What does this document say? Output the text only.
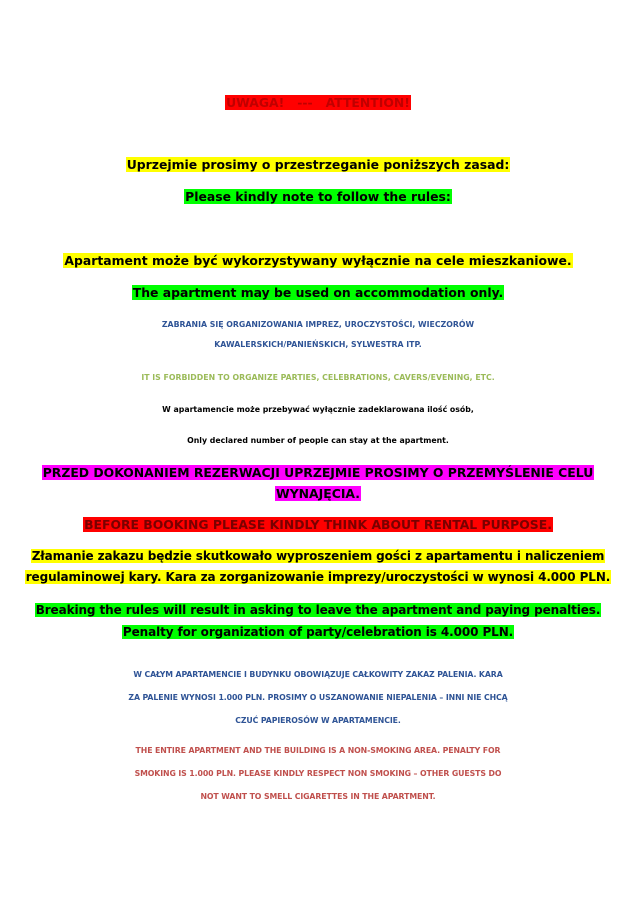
UWAGA!   ---   ATTENTION!
Uprzejmie prosimy o przestrzeganie poniższych zasad:
Please kindly note to follow the rules:
Apartament może być wykorzystywany wyłącznie na cele mieszkaniowe.
The apartment may be used on accommodation only.
ZABRANIA SIĘ ORGANIZOWANIA IMPREZ, UROCZYSTOŚCI, WIECZORÓW
KAWALERSKICH/PANIEŃSKICH, SYLWESTRA ITP.
IT IS FORBIDDEN TO ORGANIZE PARTIES, CELEBRATIONS, CAVERS/EVENING, ETC.
W apartamencie może przebywać wyłącznie zadeklarowana ilość osób,
Only declared number of people can stay at the apartment.
PRZED DOKONANIEM REZERWACJI UPRZEJMIE PROSIMY O PRZEMYŚLENIE CELU
WYNAJĘCIA.
BEFORE BOOKING PLEASE KINDLY THINK ABOUT RENTAL PURPOSE.
Złamanie zakazu będzie skutkowało wyproszeniem gości z apartamentu i naliczeniem
regulaminowej kary. Kara za zorganizowanie imprezy/uroczystości w wynosi 4.000 PLN.
Breaking the rules will result in asking to leave the apartment and paying penalties.
Penalty for organization of party/celebration is 4.000 PLN.
W CAŁYM APARTAMENCIE I BUDYNKU OBOWIĄZUJE CAŁKOWITY ZAKAZ PALENIA. KARA
ZA PALENIE WYNOSI 1.000 PLN. PROSIMY O USZANOWANIE NIEPALENIA – INNI NIE CHCĄ
CZUĆ PAPIEROSÓW W APARTAMENCIE.
THE ENTIRE APARTMENT AND THE BUILDING IS A NON-SMOKING AREA. PENALTY FOR
SMOKING IS 1.000 PLN. PLEASE KINDLY RESPECT NON SMOKING – OTHER GUESTS DO
NOT WANT TO SMELL CIGARETTES IN THE APARTMENT.
